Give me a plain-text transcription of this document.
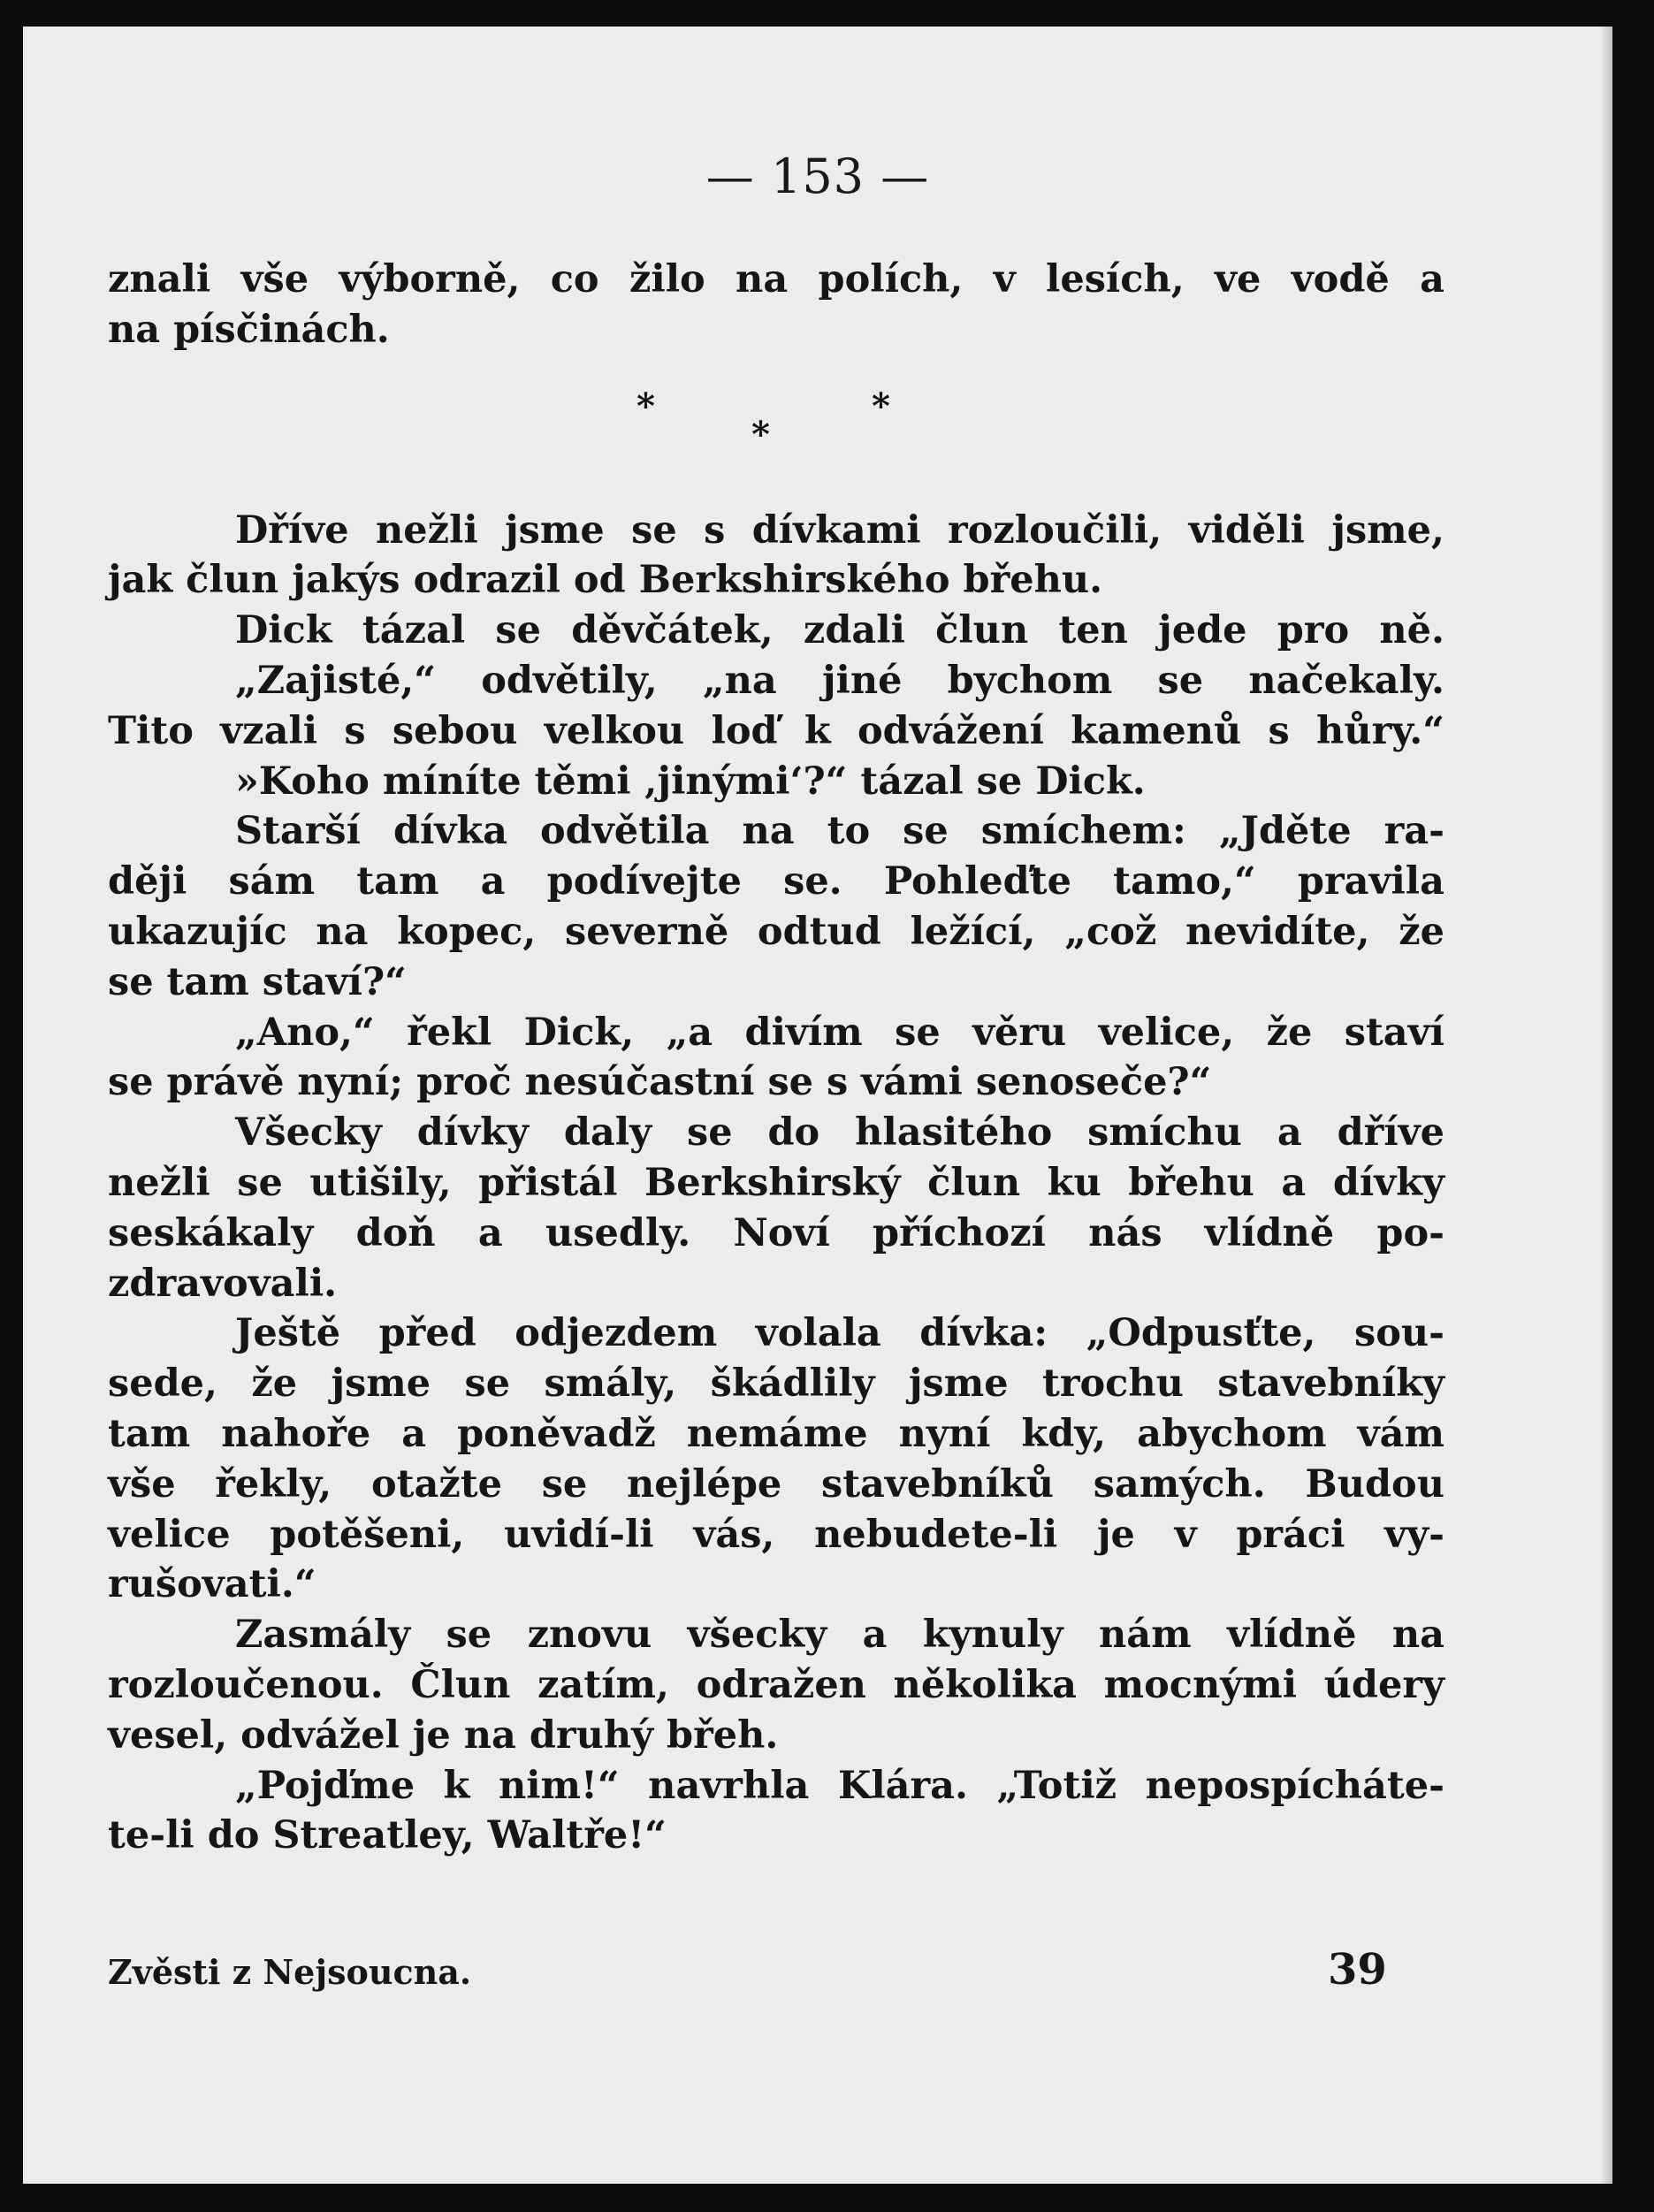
— 153 —
znali vše výborně, co žilo na polích, v lesích, ve vodě a
na písčinách.
*
*
*
Dříve nežli jsme se s dívkami rozloučili, viděli jsme,
jak člun jakýs odrazil od Berkshirského břehu.
Dick tázal se děvčátek, zdali člun ten jede pro ně.
„Zajisté,“ odvětily, „na jiné bychom se načekaly.
Tito vzali s sebou velkou loď k odvážení kamenů s hůry.“
»Koho míníte těmi ‚jinými‘?“ tázal se Dick.
Starší dívka odvětila na to se smíchem: „Jděte ra-
ději sám tam a podívejte se. Pohleďte tamo,“ pravila
ukazujíc na kopec, severně odtud ležící, „což nevidíte, že
se tam staví?“
„Ano,“ řekl Dick, „a divím se věru velice, že staví
se právě nyní; proč nesúčastní se s vámi senoseče?“
Všecky dívky daly se do hlasitého smíchu a dříve
nežli se utišily, přistál Berkshirský člun ku břehu a dívky
seskákaly doň a usedly. Noví příchozí nás vlídně po-
zdravovali.
Ještě před odjezdem volala dívka: „Odpusťte, sou-
sede, že jsme se smály, škádlily jsme trochu stavebníky
tam nahoře a poněvadž nemáme nyní kdy, abychom vám
vše řekly, otažte se nejlépe stavebníků samých. Budou
velice potěšeni, uvidí-li vás, nebudete-li je v práci vy-
rušovati.“
Zasmály se znovu všecky a kynuly nám vlídně na
rozloučenou. Člun zatím, odražen několika mocnými údery
vesel, odvážel je na druhý břeh.
„Pojďme k nim!“ navrhla Klára. „Totiž nepospícháte-
te-li do Streatley, Waltře!“
Zvěsti z Nejsoucna.	39
